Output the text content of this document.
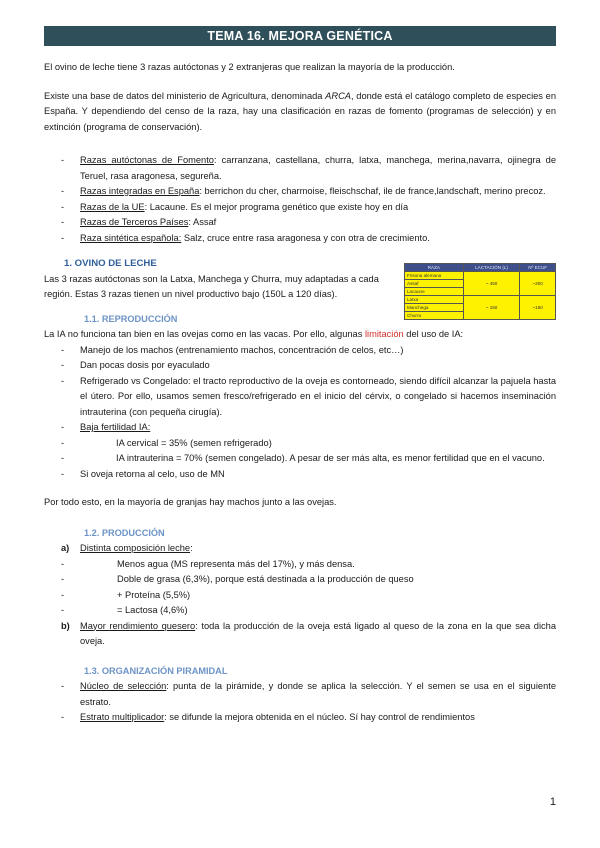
TEMA 16. MEJORA GENÉTICA

El ovino de leche tiene 3 razas autóctonas y 2 extranjeras que realizan la mayoría de la producción.

Existe una base de datos del ministerio de Agricultura, denominada ARCA, donde está el catálogo completo de especies en España. Y dependiendo del censo de la raza, hay una clasificación en razas de fomento (programas de selección) y en extinción (programa de conservación).

- Razas autóctonas de Fomento: carranzana, castellana, churra, latxa, manchega, merina,navarra, ojinegra de Teruel, rasa aragonesa, segureña.
- Razas integradas en España: berrichon du cher, charmoise, fleischschaf, ile de france,landschaft, merino precoz.
- Razas de la UE: Lacaune. Es el mejor programa genético que existe hoy en día
- Razas de Terceros Países: Assaf
- Raza sintética española: Salz, cruce entre rasa aragonesa y con otra de crecimiento.
1. OVINO DE LECHE

Las 3 razas autóctonas son la Latxa, Manchega y Churra, muy adaptadas a cada región. Estas 3 razas tienen un nivel productivo bajo (150L a 120 días).

1.1. REPRODUCCIÓN

La IA no funciona tan bien en las ovejas como en las vacas. Por ello, algunas limitación del uso de IA:

- Manejo de los machos (entrenamiento machos, concentración de celos, etc…)
- Dan pocas dosis por eyaculado
- Refrigerado vs Congelado: el tracto reproductivo de la oveja es contorneado, siendo difícil alcanzar la pajuela hasta el útero. Por ello, usamos semen fresco/refrigerado en el inicio del cérvix, o congelado si hacemos inseminación intrauterina (con pequeña cirugía).
- Baja fertilidad IA:
- IA cervical = 35% (semen refrigerado)
- IA intrauterina = 70% (semen congelado). A pesar de ser más alta, es menor fertilidad que en el vacuno.
- Si oveja retorna al celo, uso de MN

Por todo esto, en la mayoría de granjas hay machos junto a las ovejas.

1.2. PRODUCCIÓN
a) Distinta composición leche:
- Menos agua (MS representa más del 17%), y más densa.
- Doble de grasa (6,3%), porque está destinada a la producción de queso
- + Proteína (5,5%)
- = Lactosa (4,6%)
b) Mayor rendimiento quesero: toda la producción de la oveja está ligado al queso de la zona en la que sea dicha oveja.
1.3. ORGANIZACIÓN PIRAMIDAL
- Núcleo de selección: punta de la pirámide, y donde se aplica la selección. Y el semen se usa en el siguiente estrato.
- Estrato multiplicador: se difunde la mejora obtenida en el núcleo. Sí hay control de rendimientos
RAZA	LACTACIÓN (L)	Nº ECUF
Frisona alemana	~ 450	~300
Assaf		
Lacaune		
Latxa	~ 150	~150
Manchega		
Churra		
1
